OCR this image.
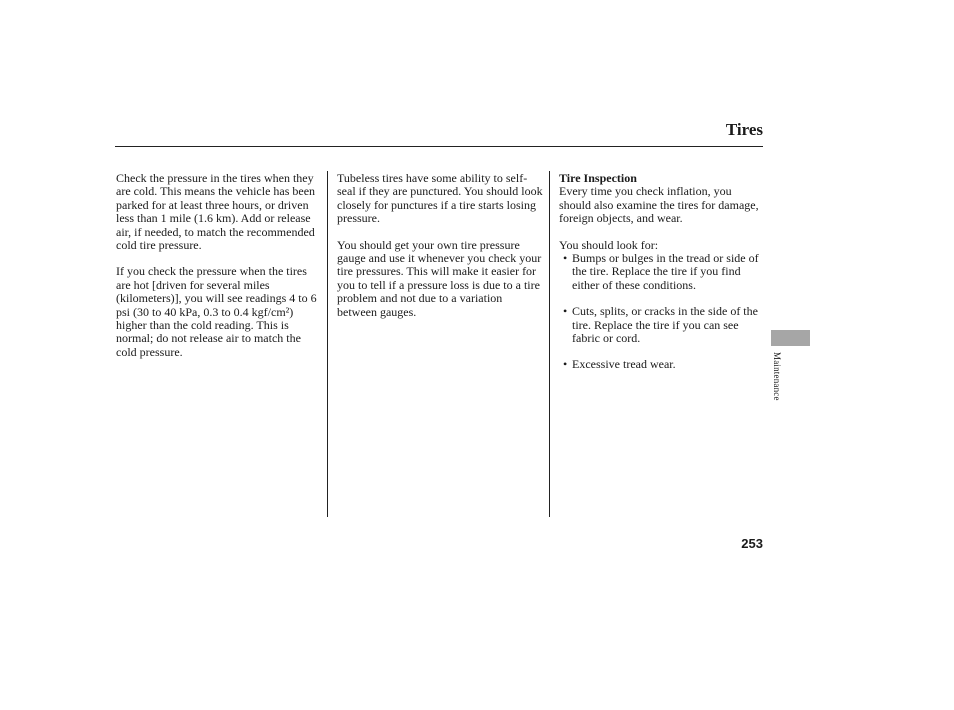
Tires

Check the pressure in the tires when they are cold. This means the vehicle has been parked for at least three hours, or driven less than 1 mile (1.6 km). Add or release air, if needed, to match the recommended cold tire pressure.

If you check the pressure when the tires are hot [driven for several miles (kilometers)], you will see readings 4 to 6 psi (30 to 40 kPa, 0.3 to 0.4 kgf/cm²) higher than the cold reading. This is normal; do not release air to match the cold pressure.

Tubeless tires have some ability to self-seal if they are punctured. You should look closely for punctures if a tire starts losing pressure.

You should get your own tire pressure gauge and use it whenever you check your tire pressures. This will make it easier for you to tell if a pressure loss is due to a tire problem and not due to a variation between gauges.

Tire Inspection
Every time you check inflation, you should also examine the tires for damage, foreign objects, and wear.

You should look for:
• Bumps or bulges in the tread or side of the tire. Replace the tire if you find either of these conditions.
• Cuts, splits, or cracks in the side of the tire. Replace the tire if you can see fabric or cord.
• Excessive tread wear.	Maintenance
253
